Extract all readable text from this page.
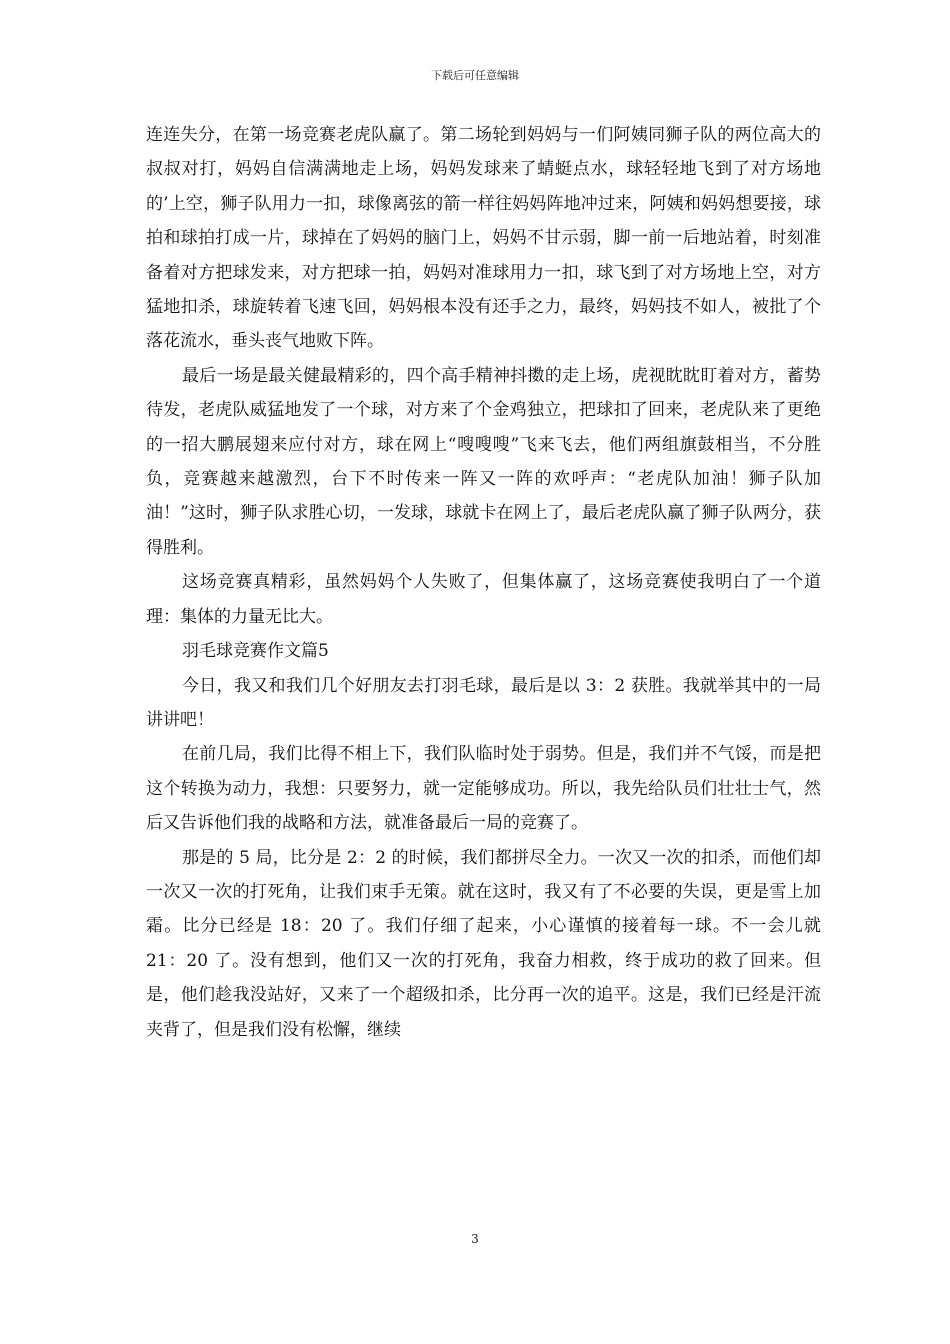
下载后可任意编辑

连连失分，在第一场竞赛老虎队赢了。第二场轮到妈妈与一们阿姨同狮子队的两位高大的叔叔对打，妈妈自信满满地走上场，妈妈发球来了蜻蜓点水，球轻轻地飞到了对方场地的’上空，狮子队用力一扣，球像离弦的箭一样往妈妈阵地冲过来，阿姨和妈妈想要接，球拍和球拍打成一片，球掉在了妈妈的脑门上，妈妈不甘示弱，脚一前一后地站着，时刻准备着对方把球发来，对方把球一拍，妈妈对准球用力一扣，球飞到了对方场地上空，对方猛地扣杀，球旋转着飞速飞回，妈妈根本没有还手之力，最终，妈妈技不如人，被批了个落花流水，垂头丧气地败下阵。

最后一场是最关健最精彩的，四个高手精神抖擞的走上场，虎视眈眈盯着对方，蓄势待发，老虎队威猛地发了一个球，对方来了个金鸡独立，把球扣了回来，老虎队来了更绝的一招大鹏展翅来应付对方，球在网上“嗖嗖嗖”飞来飞去，他们两组旗鼓相当，不分胜负，竞赛越来越激烈，台下不时传来一阵又一阵的欢呼声：“老虎队加油！狮子队加油！”这时，狮子队求胜心切，一发球，球就卡在网上了，最后老虎队赢了狮子队两分，获得胜利。

这场竞赛真精彩，虽然妈妈个人失败了，但集体赢了，这场竞赛使我明白了一个道理：集体的力量无比大。

羽毛球竞赛作文篇5

今日，我又和我们几个好朋友去打羽毛球，最后是以 3：2 获胜。我就举其中的一局讲讲吧！

在前几局，我们比得不相上下，我们队临时处于弱势。但是，我们并不气馁，而是把这个转换为动力，我想：只要努力，就一定能够成功。所以，我先给队员们壮壮士气，然后又告诉他们我的战略和方法，就准备最后一局的竞赛了。

那是的 5 局，比分是 2：2 的时候，我们都拼尽全力。一次又一次的扣杀，而他们却一次又一次的打死角，让我们束手无策。就在这时，我又有了不必要的失误，更是雪上加霜。比分已经是 18：20 了。我们仔细了起来，小心谨慎的接着每一球。不一会儿就 21：20 了。没有想到，他们又一次的打死角，我奋力相救，终于成功的救了回来。但是，他们趁我没站好，又来了一个超级扣杀，比分再一次的追平。这是，我们已经是汗流夹背了，但是我们没有松懈，继续

3
